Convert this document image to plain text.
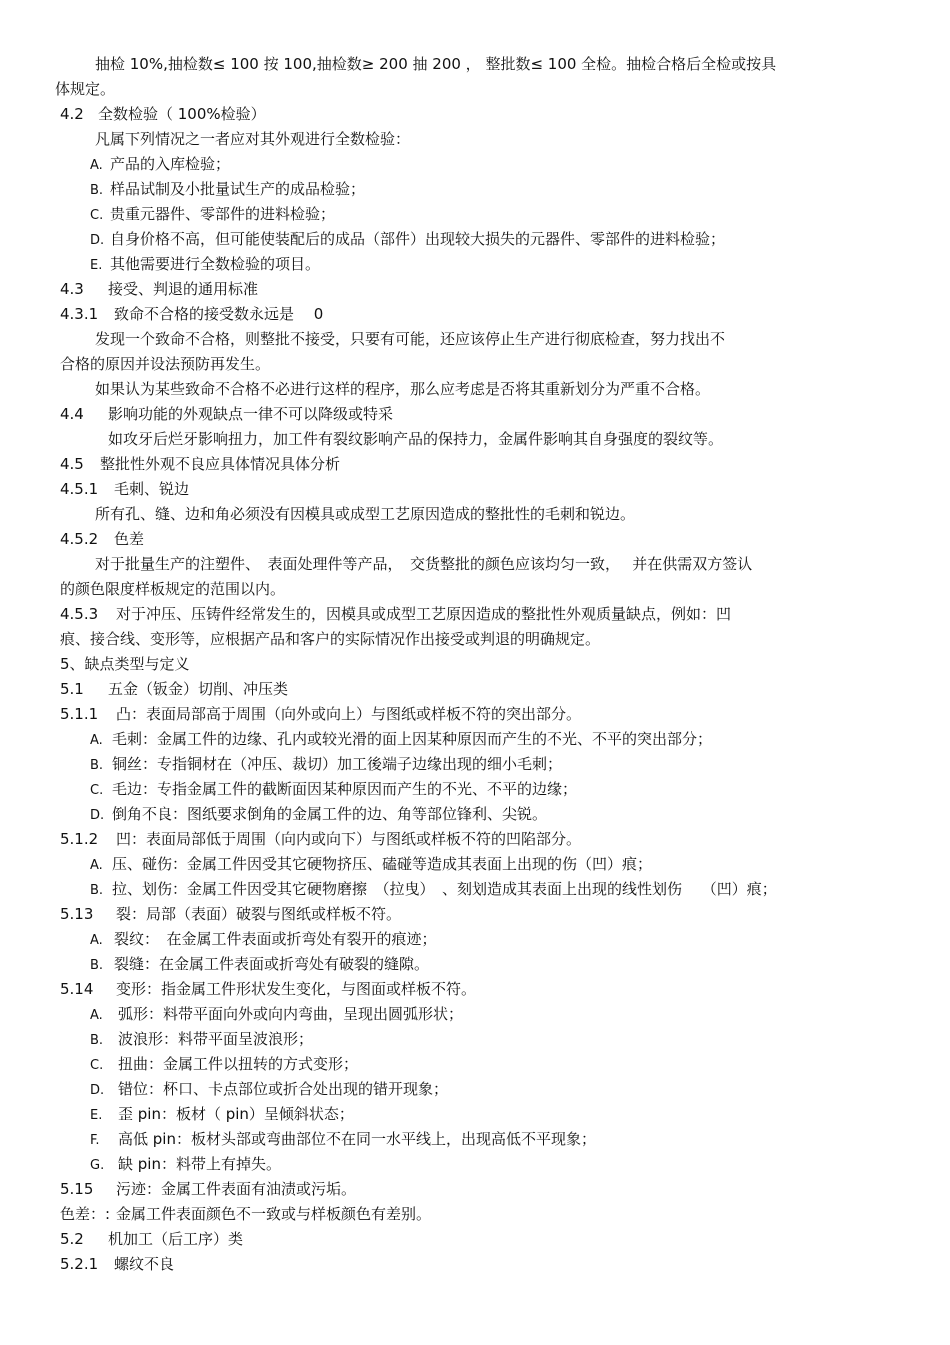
抽检 10%,抽检数≤ 100 按 100,抽检数≥ 200 抽 200 ， 整批数≤ 100 全检。抽检合格后全检或按具
体规定。
4.2 全数检验（ 100%检验）
凡属下列情况之一者应对其外观进行全数检验：
A. 产品的入库检验；
B. 样品试制及小批量试生产的成品检验；
C. 贵重元器件、零部件的进料检验；
D. 自身价格不高，但可能使装配后的成品（部件）出现较大损失的元器件、零部件的进料检验；
E. 其他需要进行全数检验的项目。
4.3 接受、判退的通用标准
4.3.1 致命不合格的接受数永远是　 0
发现一个致命不合格，则整批不接受，只要有可能，还应该停止生产进行彻底检查，努力找出不
合格的原因并设法预防再发生。
如果认为某些致命不合格不必进行这样的程序，那么应考虑是否将其重新划分为严重不合格。
4.4 影响功能的外观缺点一律不可以降级或特采
如攻牙后烂牙影响扭力，加工件有裂纹影响产品的保持力，金属件影响其自身强度的裂纹等。
4.5 整批性外观不良应具体情况具体分析
4.5.1 毛刺、锐边
所有孔、缝、边和角必须没有因模具或成型工艺原因造成的整批性的毛刺和锐边。
4.5.2 色差
对于批量生产的注塑件、　表面处理件等产品，　交货整批的颜色应该均匀一致，　 并在供需双方签认
的颜色限度样板规定的范围以内。
4.5.3 对于冲压、压铸件经常发生的，因模具或成型工艺原因造成的整批性外观质量缺点，例如：凹
痕、接合线、变形等，应根据产品和客户的实际情况作出接受或判退的明确规定。
5、缺点类型与定义
5.1 五金（钣金）切削、冲压类
5.1.1 凸：表面局部高于周围（向外或向上）与图纸或样板不符的突出部分。
A. 毛刺：金属工件的边缘、孔内或较光滑的面上因某种原因而产生的不光、不平的突出部分；
B. 铜丝：专指铜材在（冲压、裁切）加工後端子边缘出现的细小毛刺；
C. 毛边：专指金属工件的截断面因某种原因而产生的不光、不平的边缘；
D. 倒角不良：图纸要求倒角的金属工件的边、角等部位锋利、尖锐。
5.1.2 凹：表面局部低于周围（向内或向下）与图纸或样板不符的凹陷部分。
A. 压、碰伤：金属工件因受其它硬物挤压、磕碰等造成其表面上出现的伤（凹）痕；
B. 拉、划伤：金属工件因受其它硬物磨擦　（拉曳）　、刻划造成其表面上出现的线性划伤　 （凹）痕；
5.13 裂：局部（表面）破裂与图纸或样板不符。
A. 裂纹：　在金属工件表面或折弯处有裂开的痕迹；
B. 裂缝：在金属工件表面或折弯处有破裂的缝隙。
5.14 变形：指金属工件形状发生变化，与图面或样板不符。
A. 弧形：料带平面向外或向内弯曲，呈现出圆弧形状；
B. 波浪形：料带平面呈波浪形；
C. 扭曲：金属工件以扭转的方式变形；
D. 错位：杯口、卡点部位或折合处出现的错开现象；
E. 歪 pin：板材（ pin）呈倾斜状态；
F. 高低 pin：板材头部或弯曲部位不在同一水平线上，出现高低不平现象；
G. 缺 pin：料带上有掉失。
5.15 污迹：金属工件表面有油渍或污垢。
色差：: 金属工件表面颜色不一致或与样板颜色有差别。
5.2 机加工（后工序）类
5.2.1 螺纹不良
